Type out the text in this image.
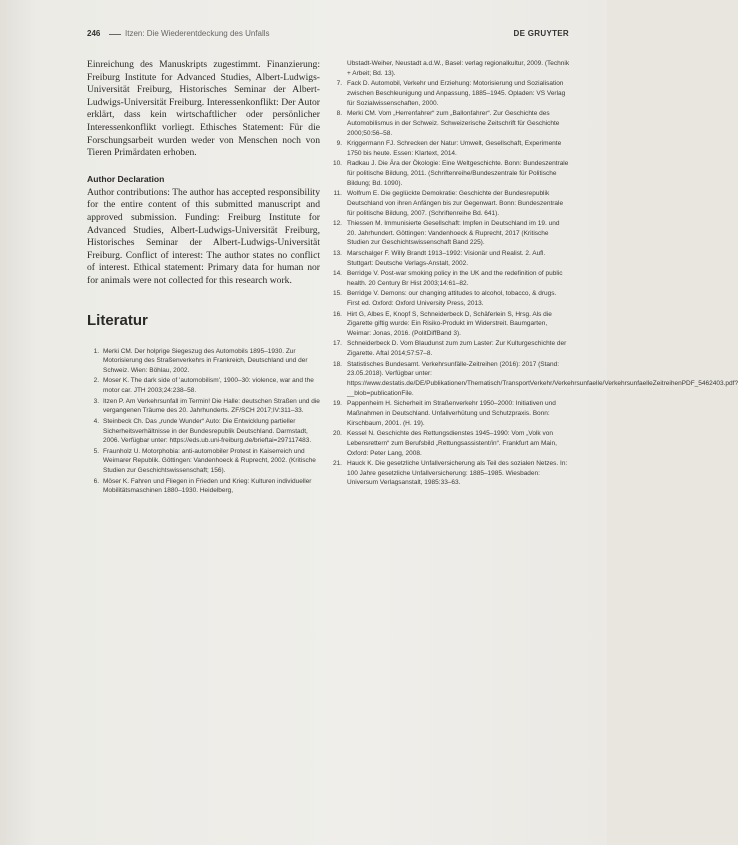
246	Itzen: Die Wiederentdeckung des Unfalls	DE GRUYTER

Einreichung des Manuskripts zugestimmt. Finanzierung: Freiburg Institute for Advanced Studies, Albert-Ludwigs-Universität Freiburg, Historisches Seminar der Albert-Ludwigs-Universität Freiburg. Interessenkonflikt: Der Autor erklärt, dass kein wirtschaftlicher oder persönlicher Interessenkonflikt vorliegt. Ethisches Statement: Für die Forschungsarbeit wurden weder von Menschen noch von Tieren Primärdaten erhoben.

Author Declaration

Author contributions: The author has accepted responsibility for the entire content of this submitted manuscript and approved submission. Funding: Freiburg Institute for Advanced Studies, Albert-Ludwigs-Universität Freiburg, Historisches Seminar der Albert-Ludwigs-Universität Freiburg. Conflict of interest: The author states no conflict of interest. Ethical statement: Primary data for human nor for animals were not collected for this research work.

Literatur
1. Merki CM. Der holprige Siegeszug des Automobils 1895–1930. Zur Motorisierung des Straßenverkehrs in Frankreich, Deutschland und der Schweiz. Wien: Böhlau, 2002.
2. Moser K. The dark side of 'automobilism', 1900–30: violence, war and the motor car. JTH 2003;24:238–58.
3. Itzen P. Am Verkehrsunfall im Termin! Die Halle: deutschen Straßen und die vergangenen Träume des 20. Jahrhunderts. ZF/SCH 2017;IV:311–33.
4. Steinbeck Ch. Das „runde Wunder“ Auto: Die Entwicklung partieller Sicherheitsverhältnisse in der Bundesrepublik Deutschland. Darmstadt, 2006. Verfügbar unter: https://eds.ub.uni-freiburg.de/brieftai=297117483.
5. Fraunholz U. Motorphobia: anti-automobiler Protest in Kaiserreich und Weimarer Republik. Göttingen: Vandenhoeck & Ruprecht, 2002. (Kritische Studien zur Geschichtswissenschaft; 156).
6. Möser K. Fahren und Fliegen in Frieden und Krieg: Kulturen individueller Mobilitätsmaschinen 1880–1930. Heidelberg,
Ubstadt-Weiher, Neustadt a.d.W., Basel: verlag regionalkultur, 2009. (Technik + Arbeit; Bd. 13).
7. Fack D. Automobil, Verkehr und Erziehung: Motorisierung und Sozialisation zwischen Beschleunigung und Anpassung, 1885–1945. Opladen: VS Verlag für Sozialwissenschaften, 2000.
8. Merki CM. Vom „Herrenfahrer“ zum „Ballonfahrer“. Zur Geschichte des Automobilismus in der Schweiz. Schweizerische Zeitschrift für Geschichte 2000;50:56–58.
9. Kriggermann FJ. Schrecken der Natur: Umwelt, Gesellschaft, Experimente 1750 bis heute. Essen: Klartext, 2014.
10. Radkau J. Die Ära der Ökologie: Eine Weltgeschichte. Bonn: Bundeszentrale für politische Bildung, 2011. (Schriftenreihe/Bundeszentrale für Politische Bildung; Bd. 1090).
11. Wolfrum E. Die geglückte Demokratie: Geschichte der Bundesrepublik Deutschland von ihren Anfängen bis zur Gegenwart. Bonn: Bundeszentrale für politische Bildung, 2007. (Schriftenreihe Bd. 641).
12. Thiessen M. Immunisierte Gesellschaft: Impfen in Deutschland im 19. und 20. Jahrhundert. Göttingen: Vandenhoeck & Ruprecht, 2017 (Kritische Studien zur Geschichtswissenschaft Band 225).
13. Marschalger F. Willy Brandt 1913–1992: Visionär und Realist. 2. Aufl. Stuttgart: Deutsche Verlags-Anstalt, 2002.
14. Berridge V. Post-war smoking policy in the UK and the redefinition of public health. 20 Century Br Hist 2003;14:61–82.
15. Berridge V. Demons: our changing attitudes to alcohol, tobacco, & drugs. First ed. Oxford: Oxford University Press, 2013.
16. Hirt G, Albes E, Knopf S, Schneiderbeck D, Schäferlein S, Hrsg. Als die Zigarette giftig wurde: Ein Risiko-Produkt im Widerstreit. Baumgarten, Weimar: Jonas, 2016. (PolitDiffBand 3).
17. Schneiderbeck D. Vom Blaudunst zum zum Laster: Zur Kulturgeschichte der Zigarette. Aftal 2014;57:57–8.
18. Statistisches Bundesamt. Verkehrsunfälle-Zeitreihen (2016): 2017 (Stand: 23.05.2018). Verfügbar unter: https://www.destatis.de/DE/Publikationen/Thematisch/TransportVerkehr/Verkehrsunfaelle/VerkehrsunfaelleZeitreihenPDF_5462403.pdf?__blob=publicationFile.
19. Pappenheim H. Sicherheit im Straßenverkehr 1950–2000: Initiativen und Maßnahmen in Deutschland. Unfallverhütung und Schutzpraxis. Bonn: Kirschbaum, 2001. (H. 19).
20. Kessel N. Geschichte des Rettungsdienstes 1945–1990: Vom „Volk von Lebensrettern“ zum Berufsbild „Rettungsassistent/in“. Frankfurt am Main, Oxford: Peter Lang, 2008.
21. Hauck K. Die gesetzliche Unfallversicherung als Teil des sozialen Netzes. In: 100 Jahre gesetzliche Unfallversicherung: 1885–1985. Wiesbaden: Universum Verlagsanstalt, 1985:33–63.
